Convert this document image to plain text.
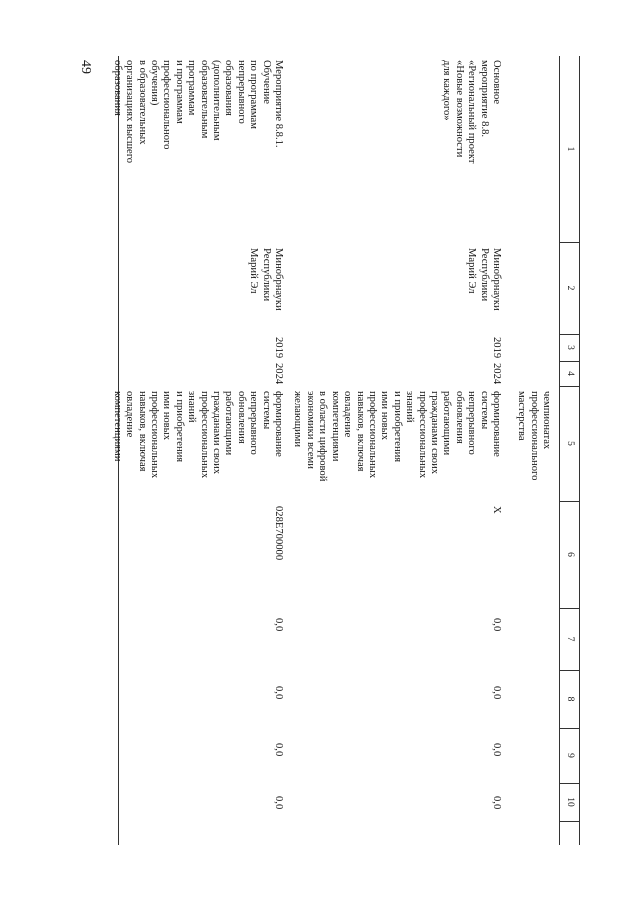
49
1
2
3
4
5
6
7
8
9
10
чемпионатах
профессионального
мастерства
Основное
мероприятие 8.8.
«Региональный проект
«Новые возможности
для каждого»
Минобрнауки
Республики
Марий Эл
2019
2024
формирование
системы
непрерывного
обновления
работающими
гражданами своих
профессиональных
знаний
и приобретения
ими новых
профессиональных
навыков, включая
овладение
компетенциями
в области цифровой
экономики всеми
желающими
Х
0,0
0,0
0,0
0,0
Мероприятие 8.8.1.
Обучение
по программам
непрерывного
образования
(дополнительным
образовательным
программам
и программам
профессионального
обучения)
в образовательных
организациях высшего
образования
Минобрнауки
Республики
Марий Эл
2019
2024
формирование
системы
непрерывного
обновления
работающими
гражданами своих
профессиональных
знаний
и приобретения
ими новых
профессиональных
навыков, включая
овладение
компетенциями
028E700000
0,0
0,0
0,0
0,0
